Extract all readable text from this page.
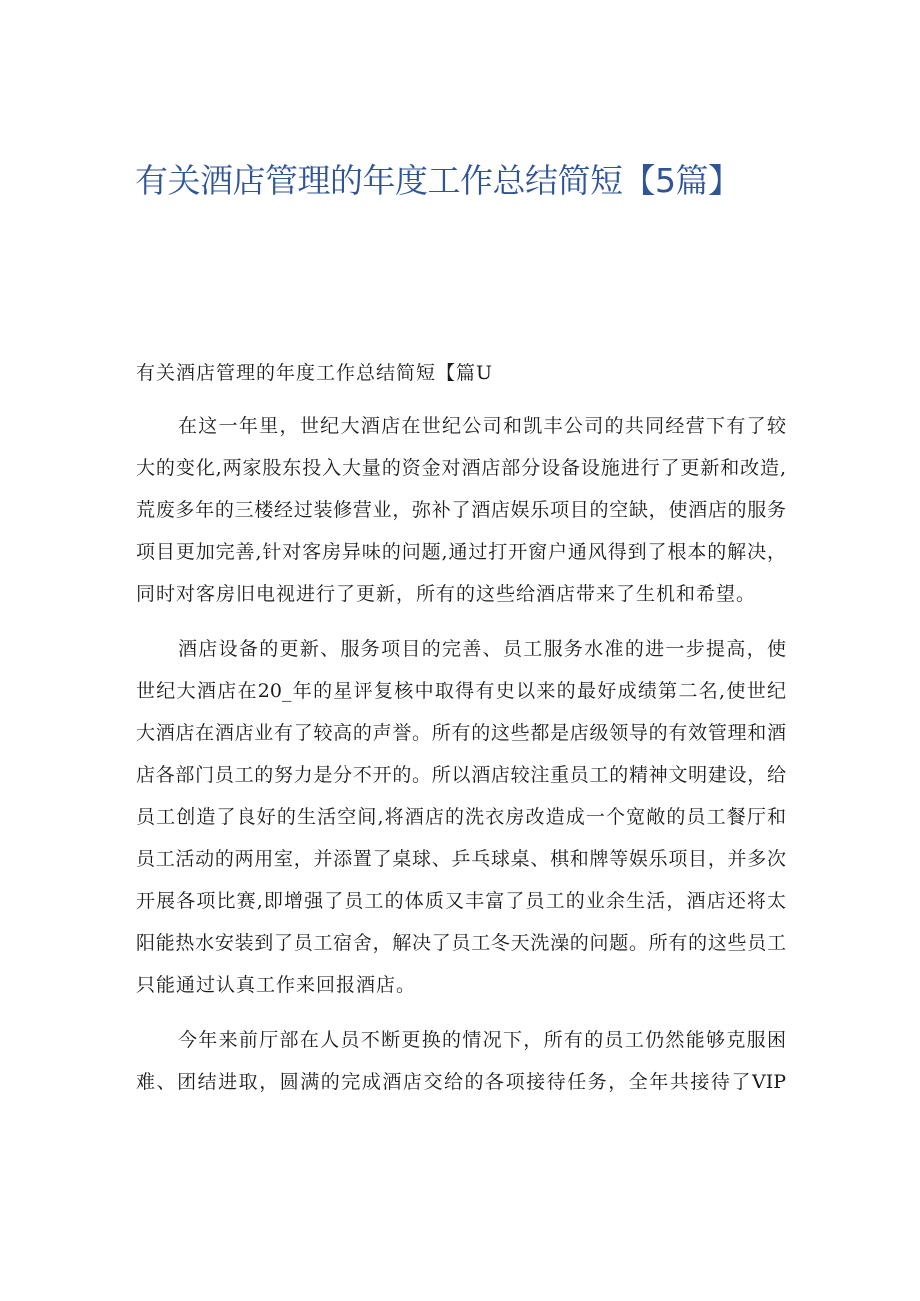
有关酒店管理的年度工作总结简短【5篇】

有关酒店管理的年度工作总结简短【篇U

在这一年里，世纪大酒店在世纪公司和凯丰公司的共同经营下有了较
大的变化,两家股东投入大量的资金对酒店部分设备设施进行了更新和改造,
荒废多年的三楼经过装修营业，弥补了酒店娱乐项目的空缺，使酒店的服务
项目更加完善,针对客房异味的问题,通过打开窗户通风得到了根本的解决，
同时对客房旧电视进行了更新，所有的这些给酒店带来了生机和希望。
酒店设备的更新、服务项目的完善、员工服务水准的进一步提高，使
世纪大酒店在20_年的星评复核中取得有史以来的最好成绩第二名,使世纪
大酒店在酒店业有了较高的声誉。所有的这些都是店级领导的有效管理和酒
店各部门员工的努力是分不开的。所以酒店较注重员工的精神文明建设，给
员工创造了良好的生活空间,将酒店的洗衣房改造成一个宽敞的员工餐厅和
员工活动的两用室，并添置了桌球、乒乓球桌、棋和牌等娱乐项目，并多次
开展各项比赛,即增强了员工的体质又丰富了员工的业余生活，酒店还将太
阳能热水安装到了员工宿舍，解决了员工冬天洗澡的问题。所有的这些员工
只能通过认真工作来回报酒店。
今年来前厅部在人员不断更换的情况下，所有的员工仍然能够克服困
难、团结进取，圆满的完成酒店交给的各项接待任务，全年共接待了VIP
